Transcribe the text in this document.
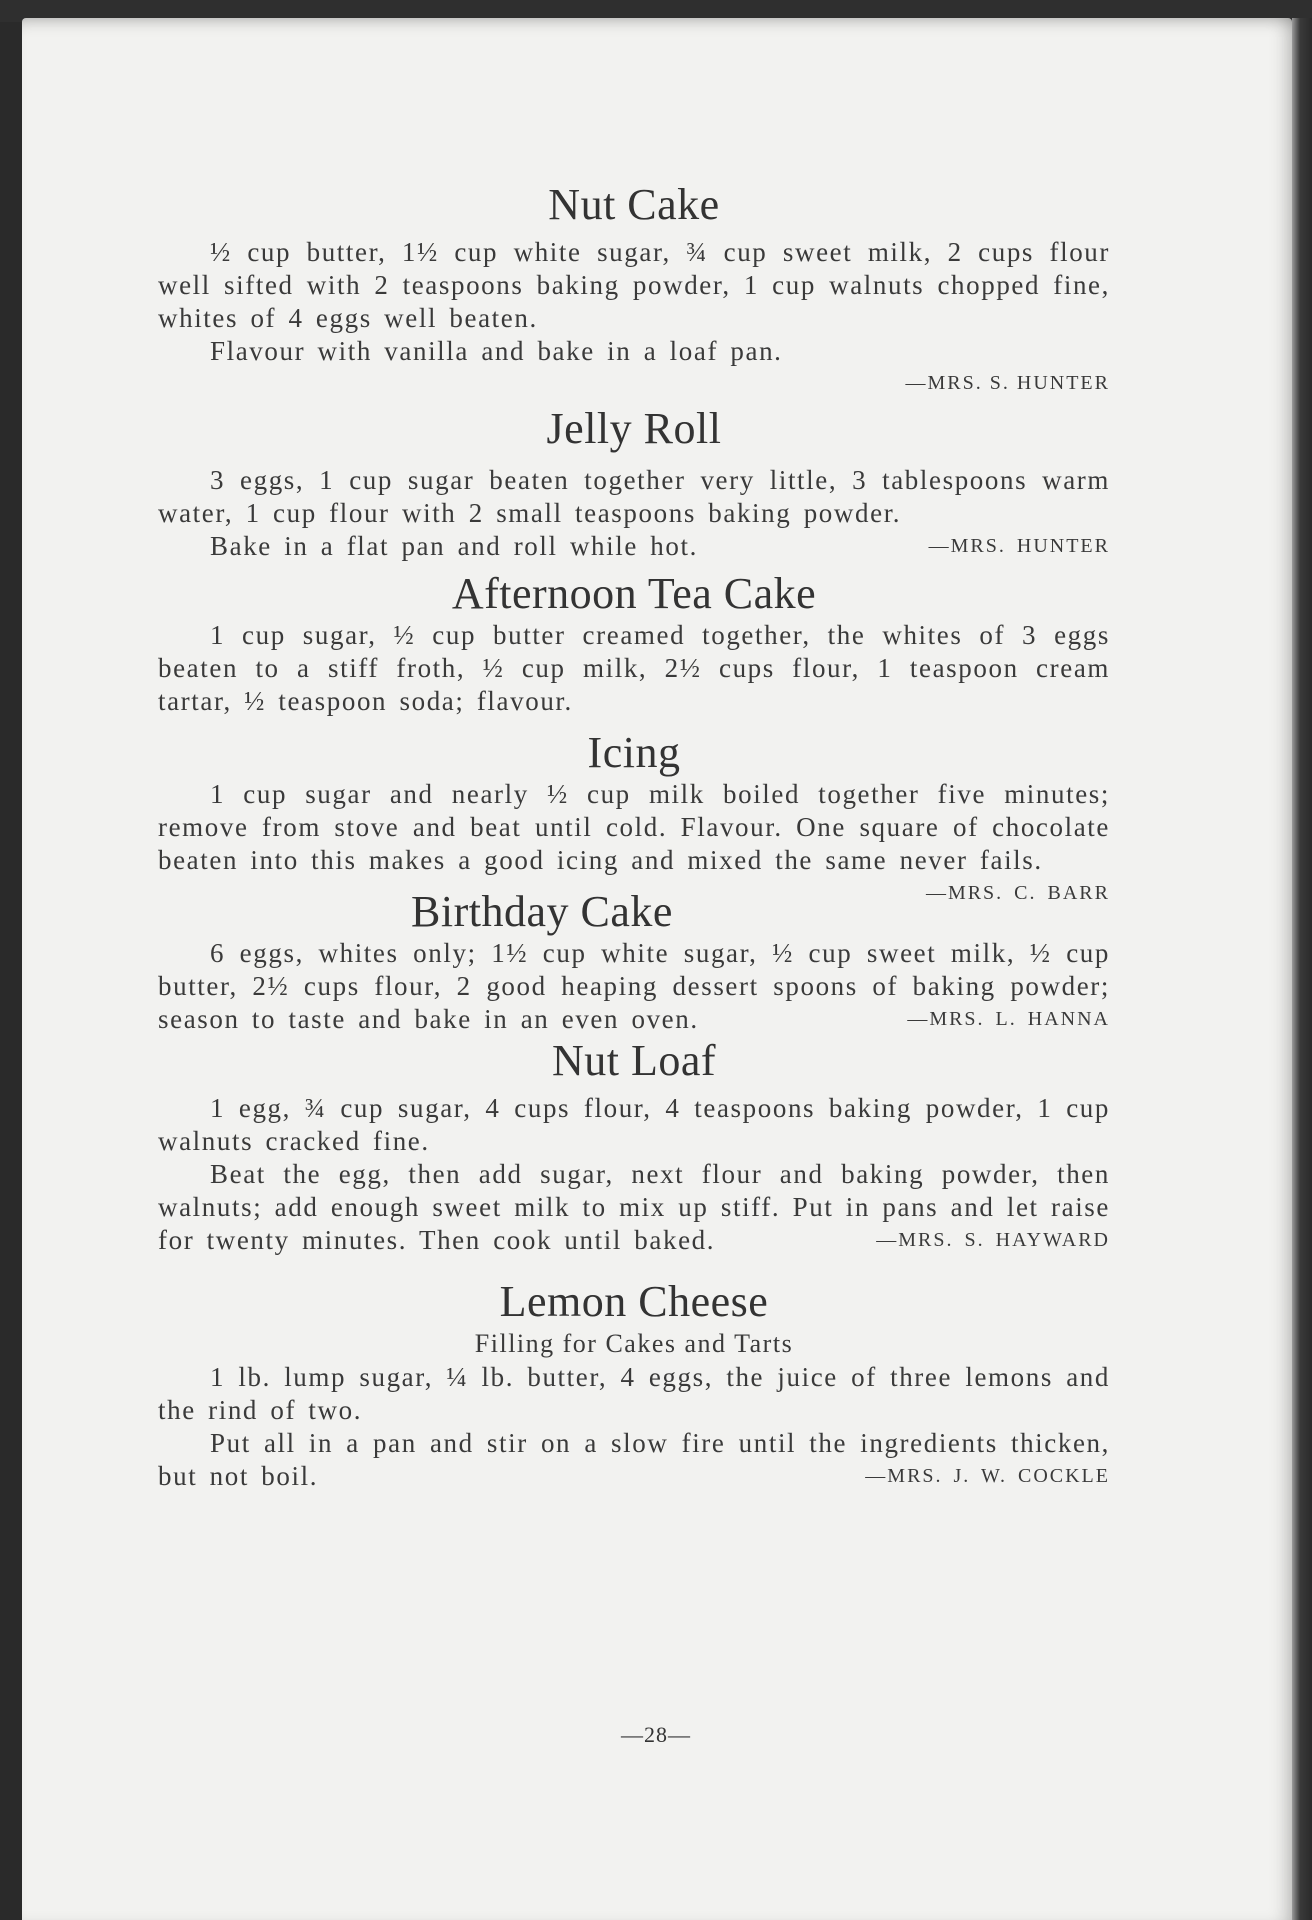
Nut Cake

½ cup butter, 1½ cup white sugar, ¾ cup sweet milk, 2 cups flour well sifted with 2 teaspoons baking powder, 1 cup walnuts chopped fine, whites of 4 eggs well beaten.

Flavour with vanilla and bake in a loaf pan.

—MRS. S. HUNTER

Jelly Roll

3 eggs, 1 cup sugar beaten together very little, 3 tablespoons warm water, 1 cup flour with 2 small teaspoons baking powder.

—MRS. HUNTER
Bake in a flat pan and roll while hot.

Afternoon Tea Cake

1 cup sugar, ½ cup butter creamed together, the whites of 3 eggs beaten to a stiff froth, ½ cup milk, 2½ cups flour, 1 teaspoon cream tartar, ½ teaspoon soda; flavour.

Icing

1 cup sugar and nearly ½ cup milk boiled together five minutes; remove from stove and beat until cold. Flavour. One square of chocolate beaten into this makes a good icing and mixed the same never fails.
—MRS. C. BARR

Birthday Cake

6 eggs, whites only; 1½ cup white sugar, ½ cup sweet milk, ½ cup butter, 2½ cups flour, 2 good heaping dessert spoons of baking powder; season to taste and bake in an even oven.	—MRS. L. HANNA

Nut Loaf

1 egg, ¾ cup sugar, 4 cups flour, 4 teaspoons baking powder, 1 cup walnuts cracked fine.

Beat the egg, then add sugar, next flour and baking powder, then walnuts; add enough sweet milk to mix up stiff. Put in pans and let raise for twenty minutes. Then cook until baked.	—MRS. S. HAYWARD

Lemon Cheese

Filling for Cakes and Tarts

1 lb. lump sugar, ¼ lb. butter, 4 eggs, the juice of three lemons and the rind of two.

Put all in a pan and stir on a slow fire until the ingredients thicken, but not boil.	—MRS. J. W. COCKLE

—28—
